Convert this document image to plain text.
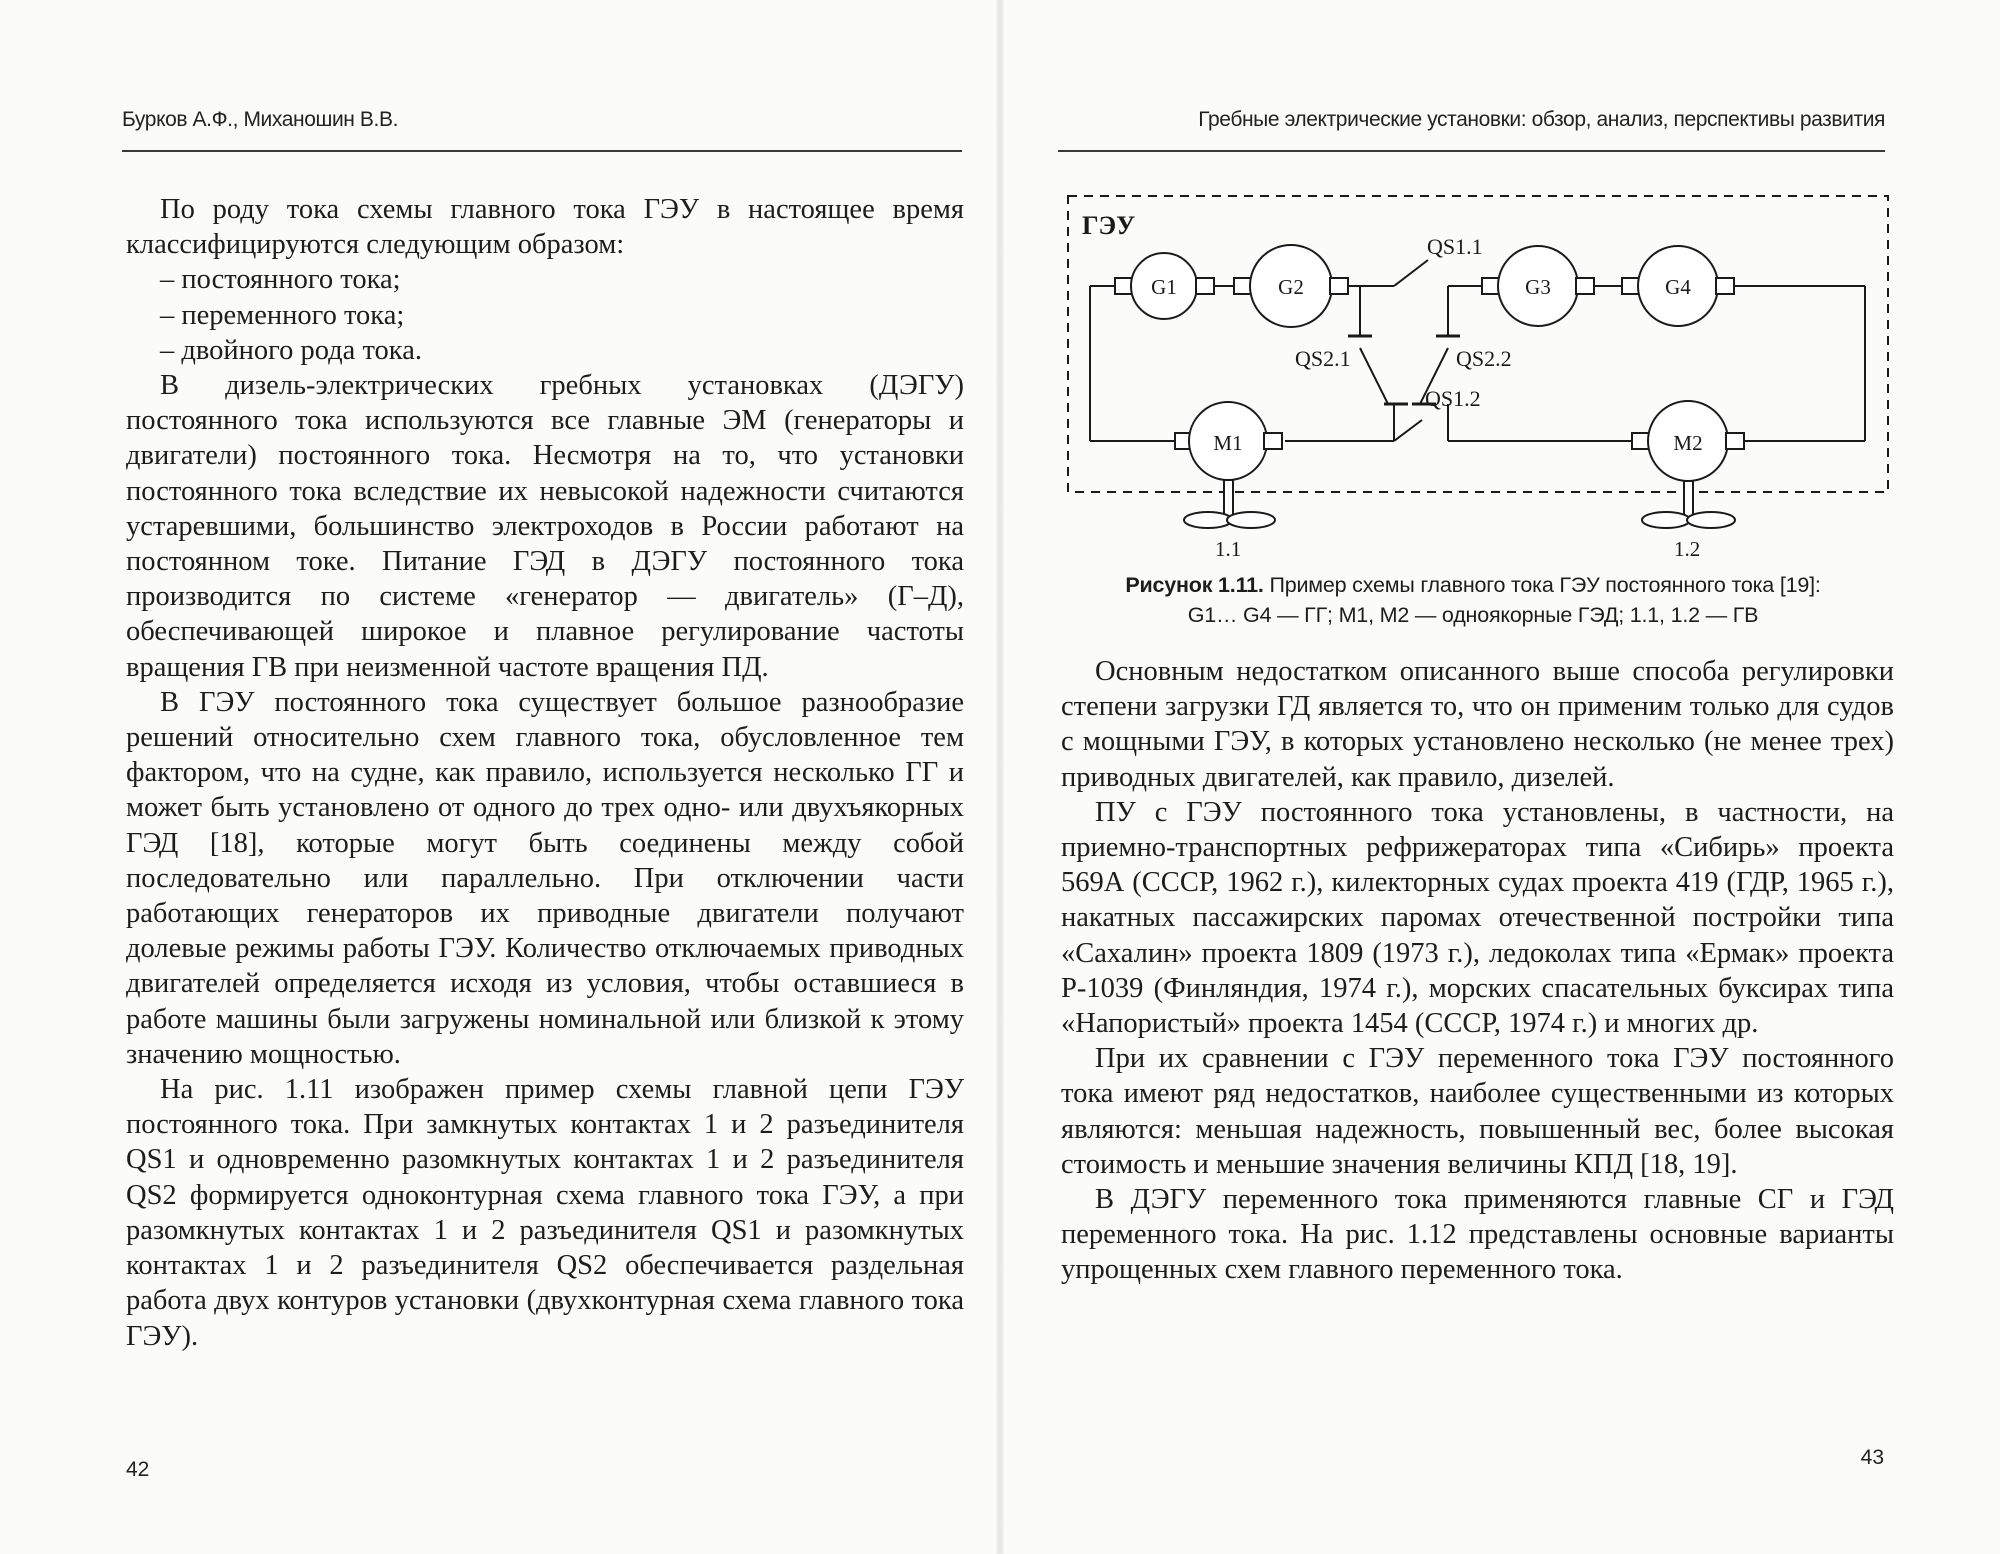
Бурков А.Ф., Миханошин В.В.

По роду тока схемы главного тока ГЭУ в настоящее время классифицируются следующим образом:

– постоянного тока;
– переменного тока;
– двойного рода тока.

В дизель-электрических гребных установках (ДЭГУ) постоянного тока используются все главные ЭМ (генераторы и двигатели) постоянного тока. Несмотря на то, что установки постоянного тока вследствие их невысокой надежности считаются устаревшими, большинство электроходов в России работают на постоянном токе. Питание ГЭД в ДЭГУ постоянного тока производится по системе «генератор — двигатель» (Г–Д), обеспечивающей широкое и плавное регулирование частоты вращения ГВ при неизменной частоте вращения ПД.

В ГЭУ постоянного тока существует большое разнообразие решений относительно схем главного тока, обусловленное тем фактором, что на судне, как правило, используется несколько ГГ и может быть установлено от одного до трех одно- или двухъякорных ГЭД [18], которые могут быть соединены между собой последовательно или параллельно. При отключении части работающих генераторов их приводные двигатели получают долевые режимы работы ГЭУ. Количество отключаемых приводных двигателей определяется исходя из условия, чтобы оставшиеся в работе машины были загружены номинальной или близкой к этому значению мощностью.

На рис. 1.11 изображен пример схемы главной цепи ГЭУ постоянного тока. При замкнутых контактах 1 и 2 разъединителя QS1 и одновременно разомкнутых контактах 1 и 2 разъединителя QS2 формируется одноконтурная схема главного тока ГЭУ, а при разомкнутых контактах 1 и 2 разъединителя QS1 и разомкнутых контактах 1 и 2 разъединителя QS2 обеспечивается раздельная работа двух контуров установки (двухконтурная схема главного тока ГЭУ).

42
Гребные электрические установки: обзор, анализ, перспективы развития
ГЭУ
QS1.1
G1	G2	G3	G4
QS2.1	QS2.2
QS1.2
M1
1.1
M2
1.2
Рисунок 1.11. Пример схемы главного тока ГЭУ постоянного тока [19]:
G1… G4 — ГГ; М1, М2 — одноякорные ГЭД; 1.1, 1.2 — ГВ

Основным недостатком описанного выше способа регулировки степени загрузки ГД является то, что он применим только для судов с мощными ГЭУ, в которых установлено несколько (не менее трех) приводных двигателей, как правило, дизелей.

ПУ с ГЭУ постоянного тока установлены, в частности, на приемно-транспортных рефрижераторах типа «Сибирь» проекта 569А (СССР, 1962 г.), килекторных судах проекта 419 (ГДР, 1965 г.), накатных пассажирских паромах отечественной постройки типа «Сахалин» проекта 1809 (1973 г.), ледоколах типа «Ермак» проекта Р-1039 (Финляндия, 1974 г.), морских спасательных буксирах типа «Напористый» проекта 1454 (СССР, 1974 г.) и многих др.

При их сравнении с ГЭУ переменного тока ГЭУ постоянного тока имеют ряд недостатков, наиболее существенными из которых являются: меньшая надежность, повышенный вес, более высокая стоимость и меньшие значения величины КПД [18, 19].

В ДЭГУ переменного тока применяются главные СГ и ГЭД переменного тока. На рис. 1.12 представлены основные варианты упрощенных схем главного переменного тока.

43
